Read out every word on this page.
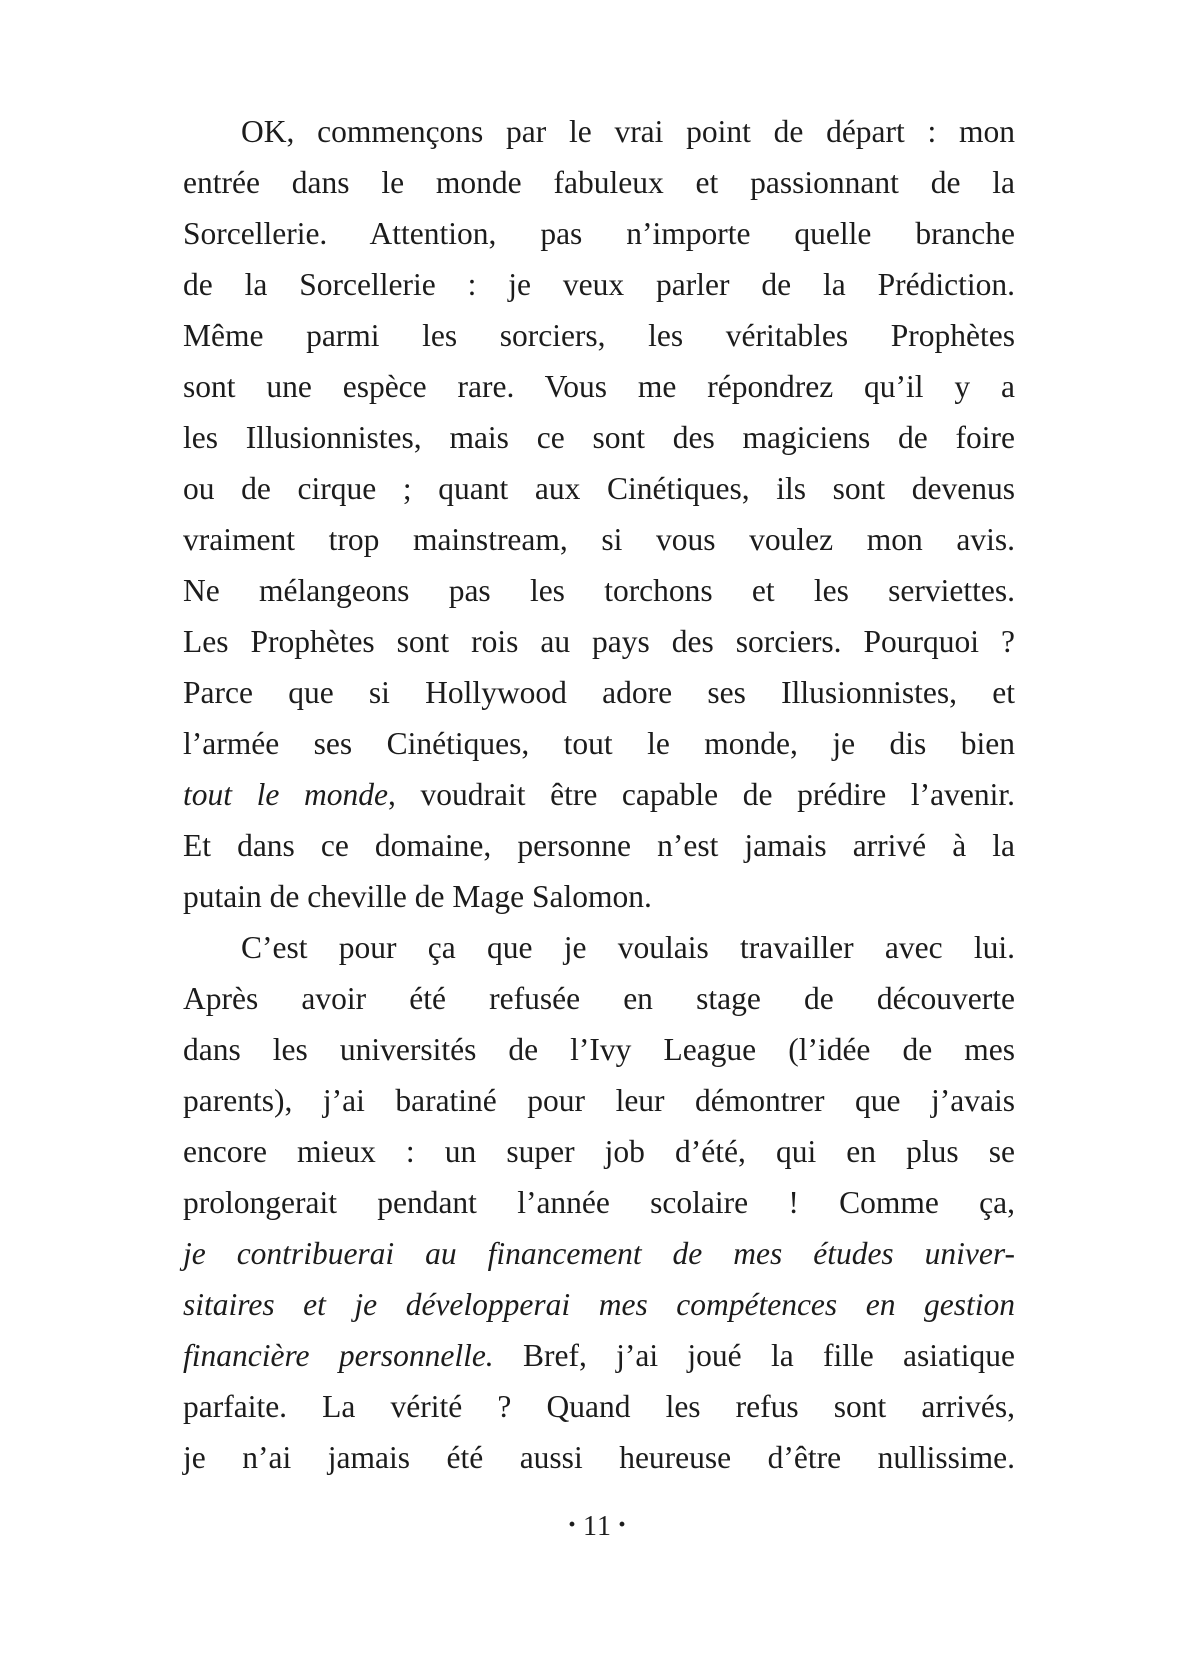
OK, commençons par le vrai point de départ : mon
entrée dans le monde fabuleux et passionnant de la
Sorcellerie. Attention, pas n’importe quelle branche
de la Sorcellerie : je veux parler de la Prédiction.
Même parmi les sorciers, les véritables Prophètes
sont une espèce rare. Vous me répondrez qu’il y a
les Illusionnistes, mais ce sont des magiciens de foire
ou de cirque ; quant aux Cinétiques, ils sont devenus
vraiment trop mainstream, si vous voulez mon avis.
Ne mélangeons pas les torchons et les serviettes.
Les Prophètes sont rois au pays des sorciers. Pourquoi ?
Parce que si Hollywood adore ses Illusionnistes, et
l’armée ses Cinétiques, tout le monde, je dis bien
tout le monde, voudrait être capable de prédire l’avenir.
Et dans ce domaine, personne n’est jamais arrivé à la
putain de cheville de Mage Salomon.
C’est pour ça que je voulais travailler avec lui.
Après avoir été refusée en stage de découverte
dans les universités de l’Ivy League (l’idée de mes
parents), j’ai baratiné pour leur démontrer que j’avais
encore mieux : un super job d’été, qui en plus se
prolongerait pendant l’année scolaire ! Comme ça,
je contribuerai au financement de mes études univer-
sitaires et je développerai mes compétences en gestion
financière personnelle. Bref, j’ai joué la fille asiatique
parfaite. La vérité ? Quand les refus sont arrivés,
je n’ai jamais été aussi heureuse d’être nullissime.
· 11 ·
